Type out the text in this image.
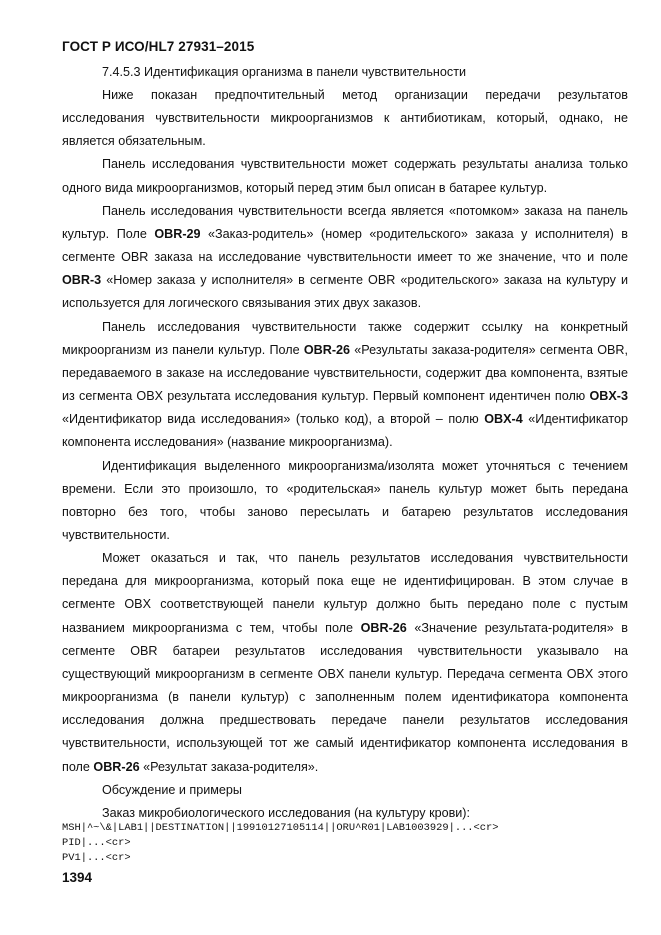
ГОСТ Р ИСО/HL7 27931–2015

7.4.5.3 Идентификация организма в панели чувствительности

Ниже показан предпочтительный метод организации передачи результатов исследования чувствительности микроорганизмов к антибиотикам, который, однако, не является обязательным.

Панель исследования чувствительности может содержать результаты анализа только одного вида микроорганизмов, который перед этим был описан в батарее культур.

Панель исследования чувствительности всегда является «потомком» заказа на панель культур. Поле OBR-29 «Заказ-родитель» (номер «родительского» заказа у исполнителя) в сегменте OBR заказа на исследование чувствительности имеет то же значение, что и поле OBR-3 «Номер заказа у исполнителя» в сегменте OBR «родительского» заказа на культуру и используется для логического связывания этих двух заказов.

Панель исследования чувствительности также содержит ссылку на конкретный микроорганизм из панели культур. Поле OBR-26 «Результаты заказа-родителя» сегмента OBR, передаваемого в заказе на исследование чувствительности, содержит два компонента, взятые из сегмента OBX результата исследования культур. Первый компонент идентичен полю OBX-3 «Идентификатор вида исследования» (только код), а второй – полю OBX-4 «Идентификатор компонента исследования» (название микроорганизма).

Идентификация выделенного микроорганизма/изолята может уточняться с течением времени. Если это произошло, то «родительская» панель культур может быть передана повторно без того, чтобы заново пересылать и батарею результатов исследования чувствительности.

Может оказаться и так, что панель результатов исследования чувствительности передана для микроорганизма, который пока еще не идентифицирован. В этом случае в сегменте OBX соответствующей панели культур должно быть передано поле с пустым названием микроорганизма с тем, чтобы поле OBR-26 «Значение результата-родителя» в сегменте OBR батареи результатов исследования чувствительности указывало на существующий микроорганизм в сегменте OBX панели культур. Передача сегмента OBX этого микроорганизма (в панели культур) с заполненным полем идентификатора компонента исследования должна предшествовать передаче панели результатов исследования чувствительности, использующей тот же самый идентификатор компонента исследования в поле OBR-26 «Результат заказа-родителя».

Обсуждение и примеры

Заказ микробиологического исследования (на культуру крови):

MSH|^~\&|LAB1||DESTINATION||19910127105114||ORU^R01|LAB1003929|...<cr>
PID|...<cr>
PV1|...<cr>
1394
